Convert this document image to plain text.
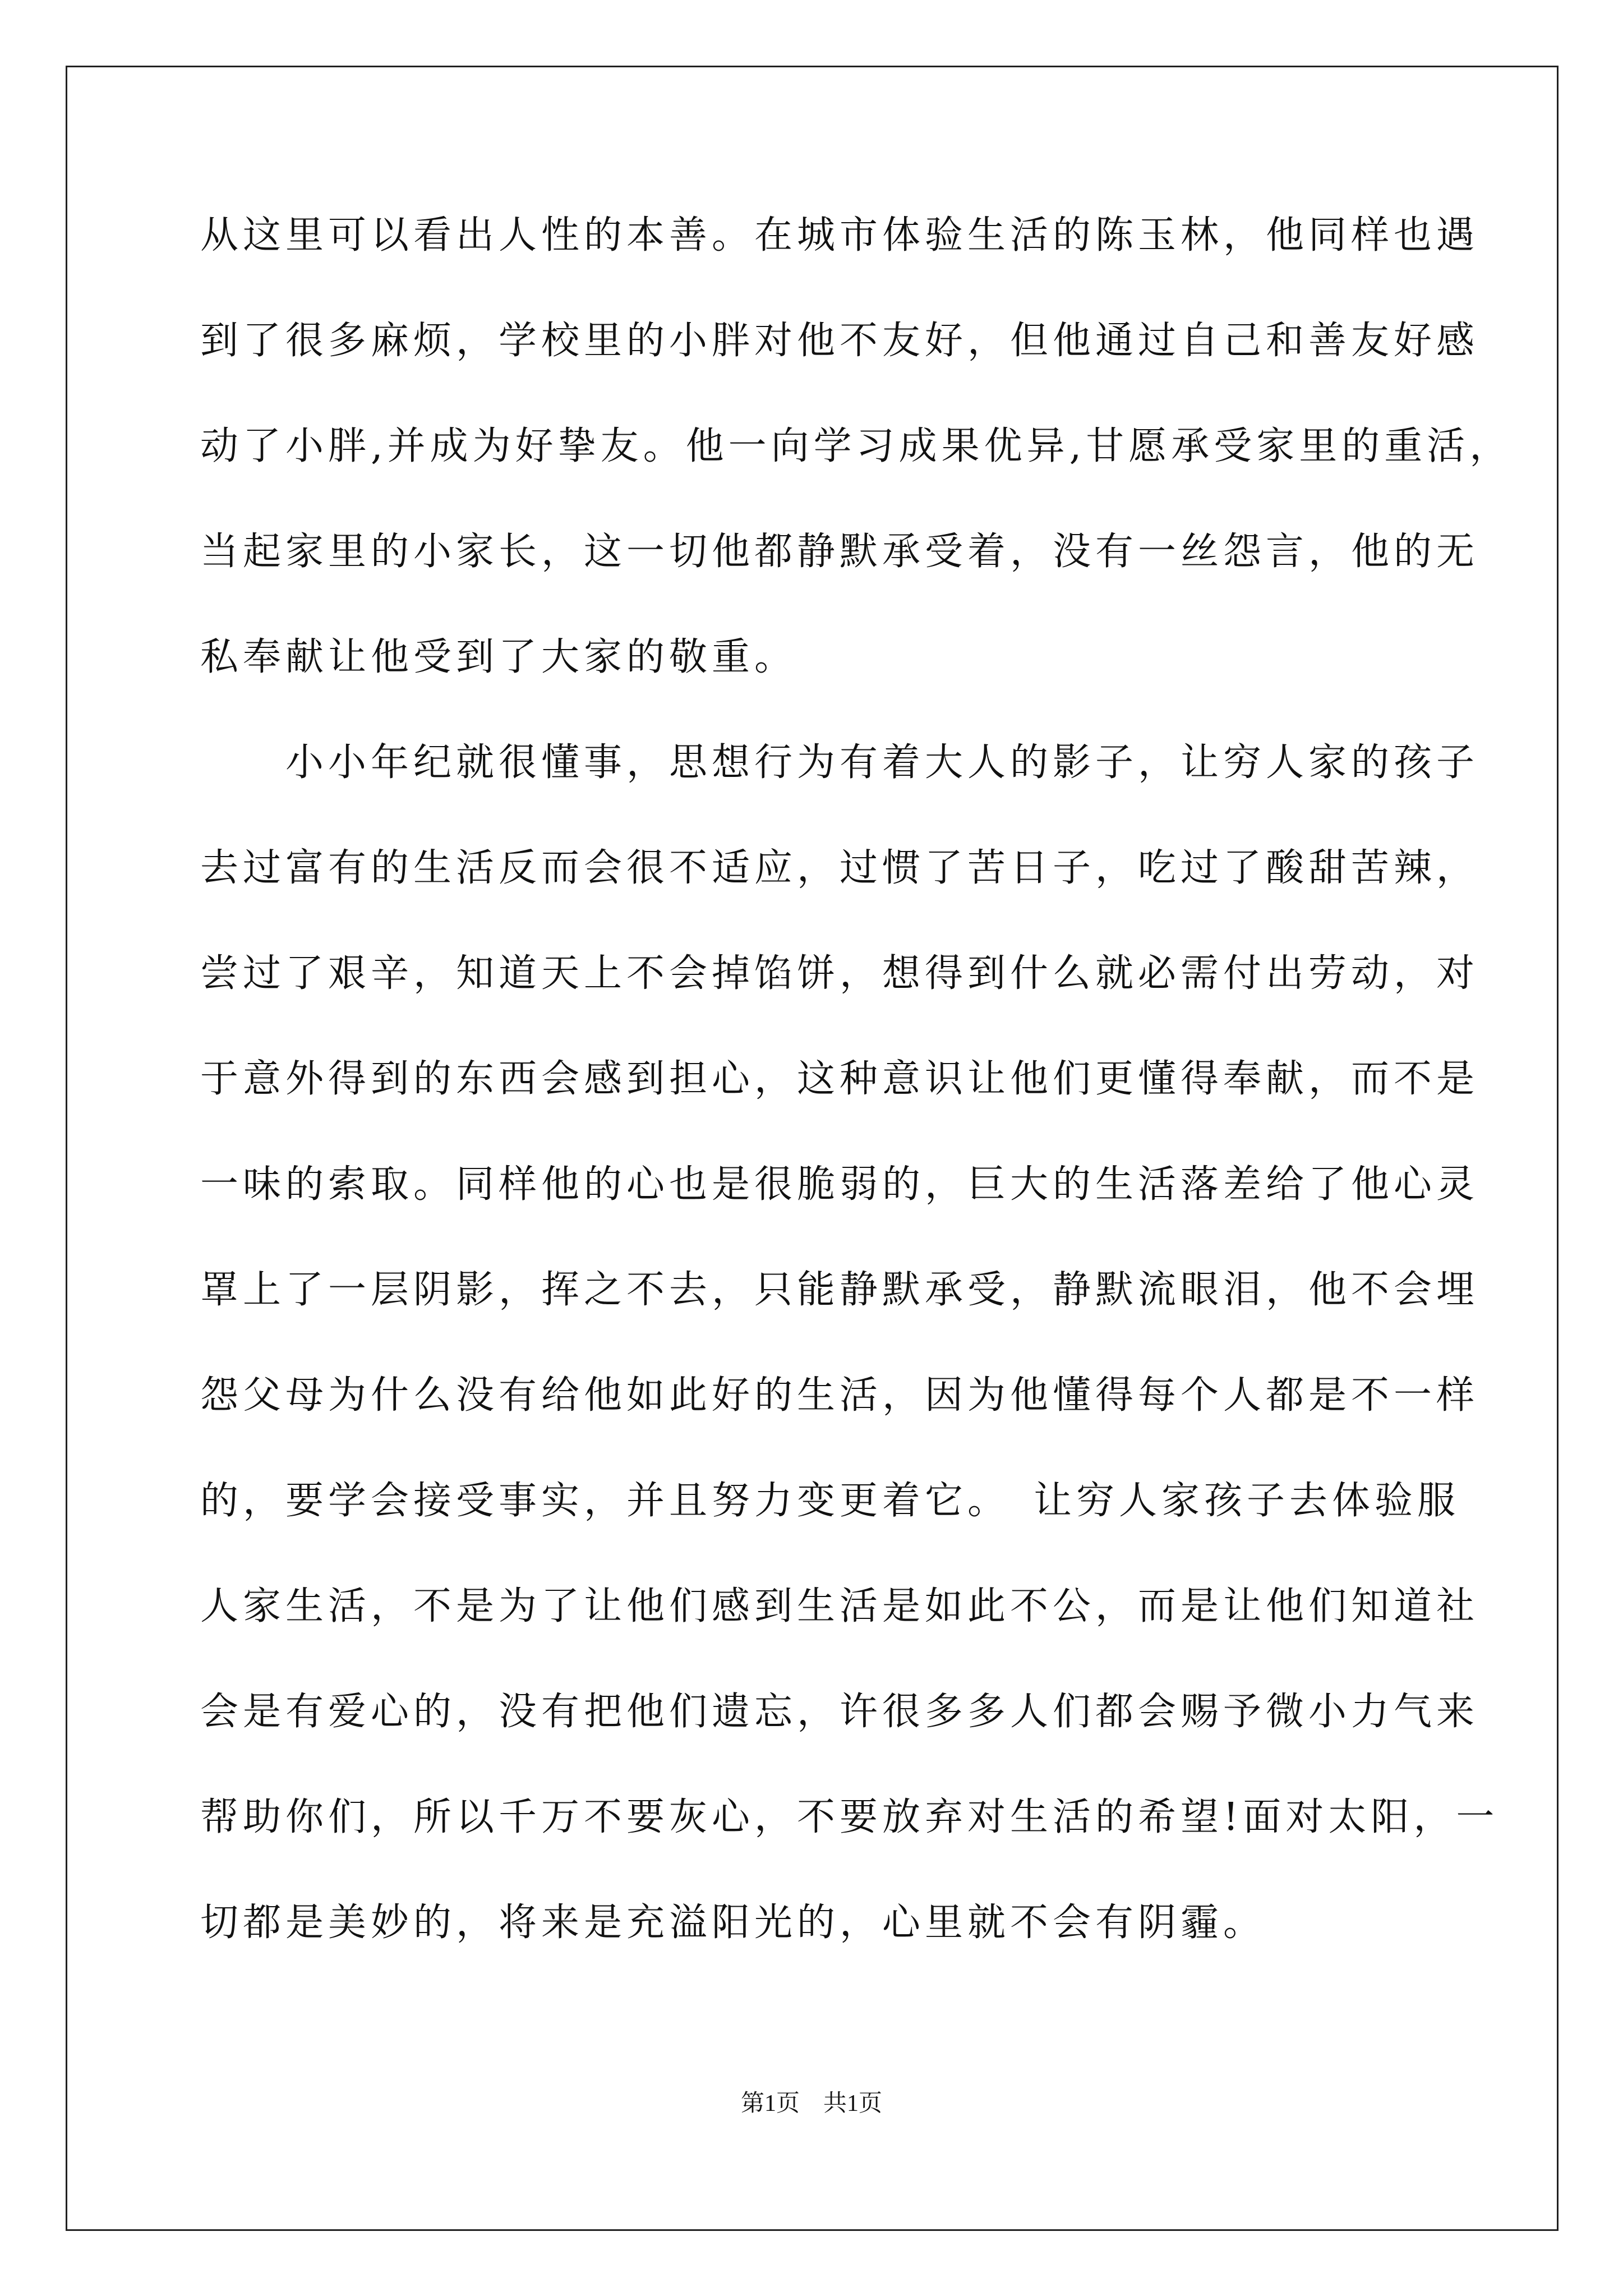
从这里可以看出人性的本善。在城市体验生活的陈玉林，他同样也遇
到了很多麻烦，学校里的小胖对他不友好，但他通过自己和善友好感
动了小胖,并成为好挚友。他一向学习成果优异,甘愿承受家里的重活，
当起家里的小家长，这一切他都静默承受着，没有一丝怨言，他的无
私奉献让他受到了大家的敬重。
　　小小年纪就很懂事，思想行为有着大人的影子，让穷人家的孩子
去过富有的生活反而会很不适应，过惯了苦日子，吃过了酸甜苦辣，
尝过了艰辛，知道天上不会掉馅饼，想得到什么就必需付出劳动，对
于意外得到的东西会感到担心，这种意识让他们更懂得奉献，而不是
一味的索取。同样他的心也是很脆弱的，巨大的生活落差给了他心灵
罩上了一层阴影，挥之不去，只能静默承受，静默流眼泪，他不会埋
怨父母为什么没有给他如此好的生活，因为他懂得每个人都是不一样
的，要学会接受事实，并且努力变更着它。　让穷人家孩子去体验服
人家生活，不是为了让他们感到生活是如此不公，而是让他们知道社
会是有爱心的，没有把他们遗忘，许很多多人们都会赐予微小力气来
帮助你们，所以千万不要灰心，不要放弃对生活的希望!面对太阳，一
切都是美妙的，将来是充溢阳光的，心里就不会有阴霾。
第1页　共1页
